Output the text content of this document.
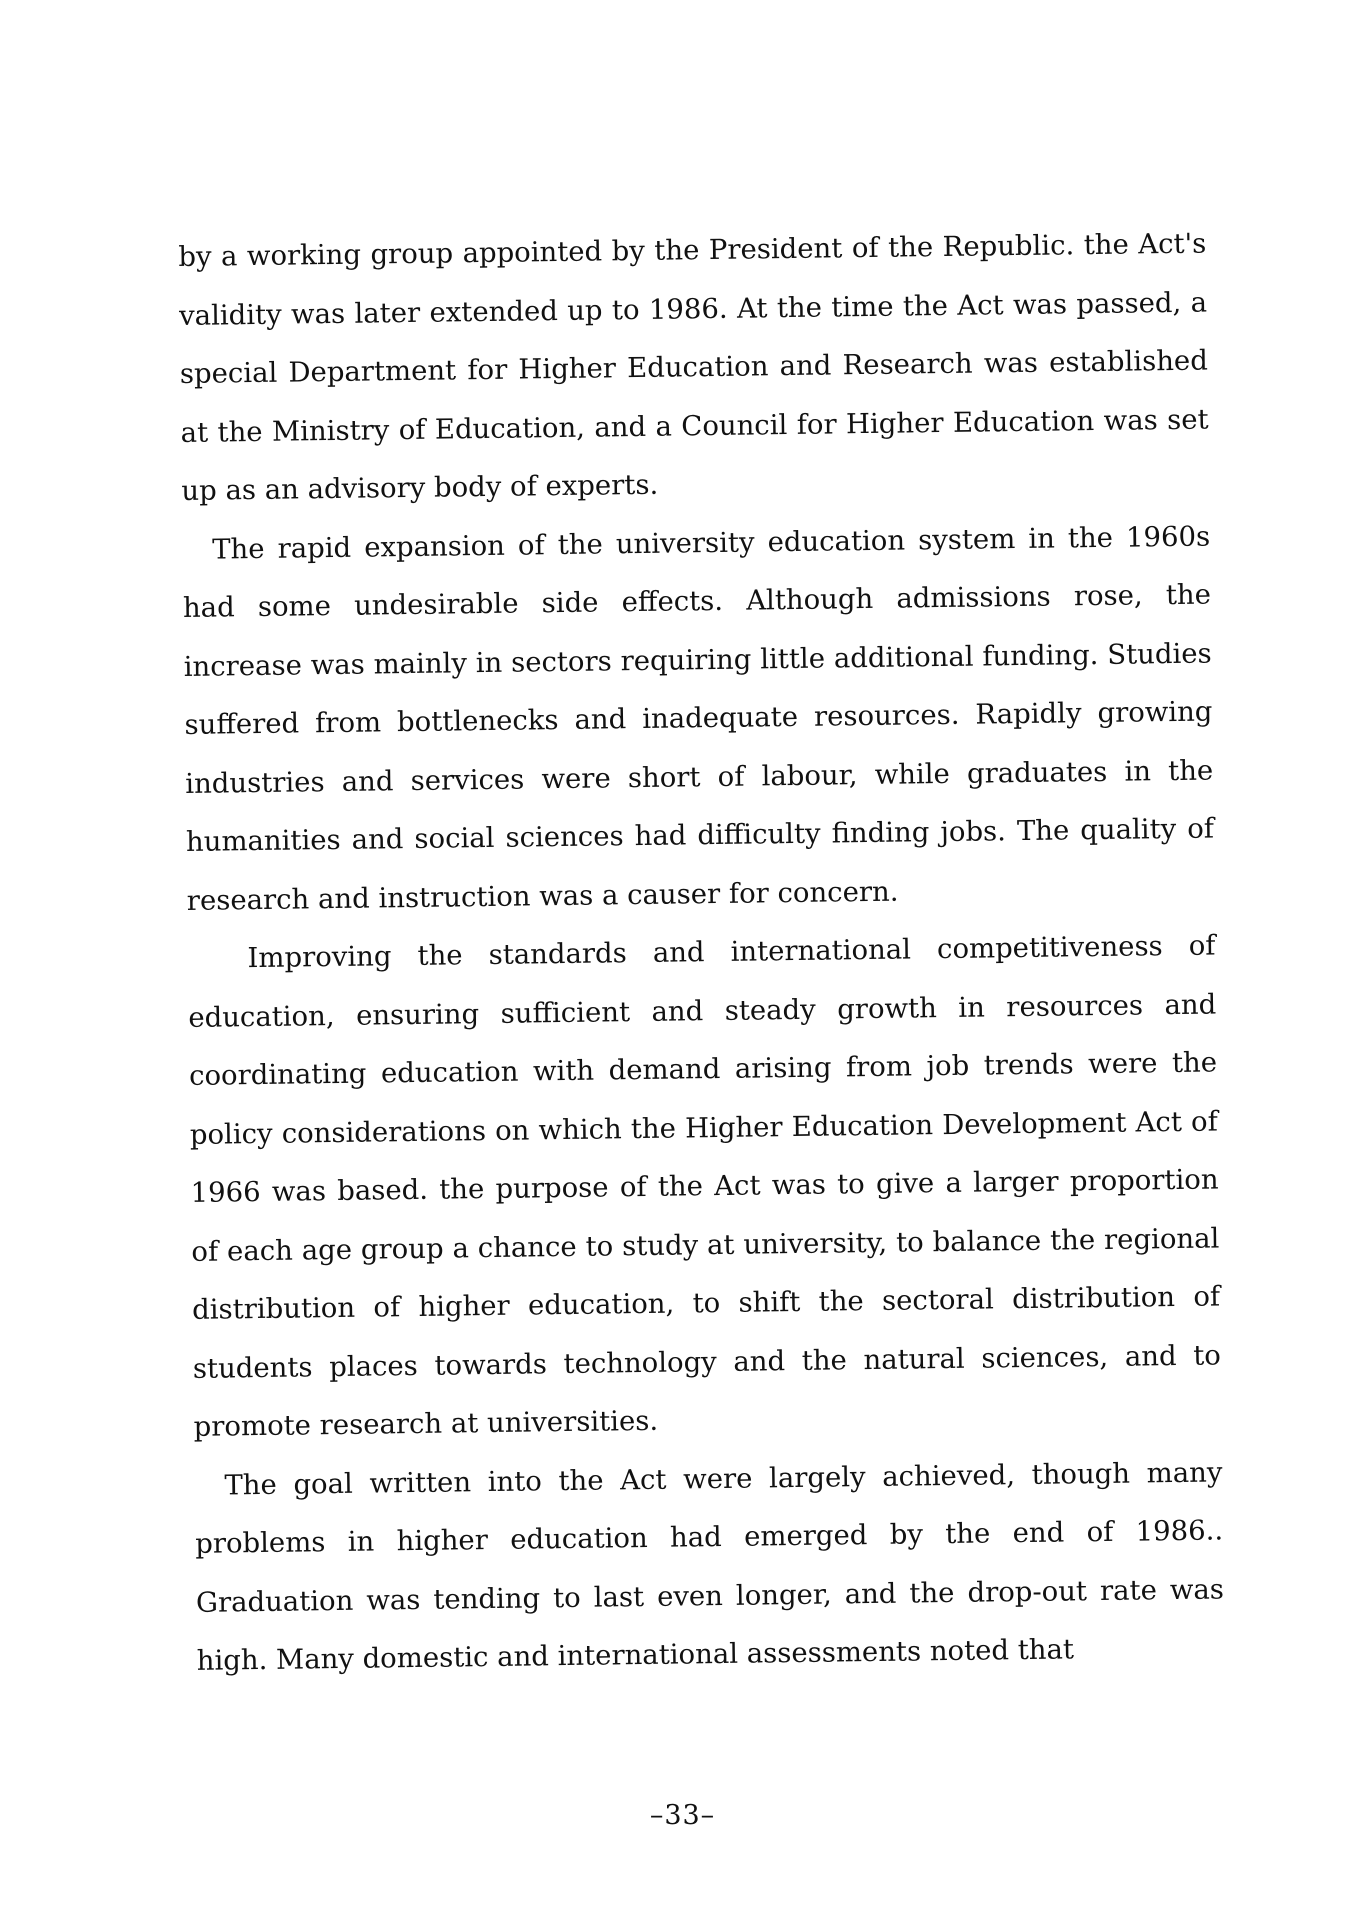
by a working group appointed by the President of the Republic. the Act's validity was later extended up to 1986. At the time the Act was passed, a special Department for Higher Education and Research was established at the Ministry of Education, and a Council for Higher Education was set up as an advisory body of experts.

The rapid expansion of the university education system in the 1960s had some undesirable side effects. Although admissions rose, the increase was mainly in sectors requiring little additional funding. Studies suffered from bottlenecks and inadequate resources. Rapidly growing industries and services were short of labour, while graduates in the humanities and social sciences had difficulty finding jobs. The quality of research and instruction was a causer for concern.

Improving the standards and international competitiveness of education, ensuring sufficient and steady growth in resources and coordinating education with demand arising from job trends were the policy considerations on which the Higher Education Development Act of 1966 was based. the purpose of the Act was to give a larger proportion of each age group a chance to study at university, to balance the regional distribution of higher education, to shift the sectoral distribution of students places towards technology and the natural sciences, and to promote research at universities.

The goal written into the Act were largely achieved, though many problems in higher education had emerged by the end of 1986.. Graduation was tending to last even longer, and the drop-out rate was high. Many domestic and international assessments noted that

–33–
